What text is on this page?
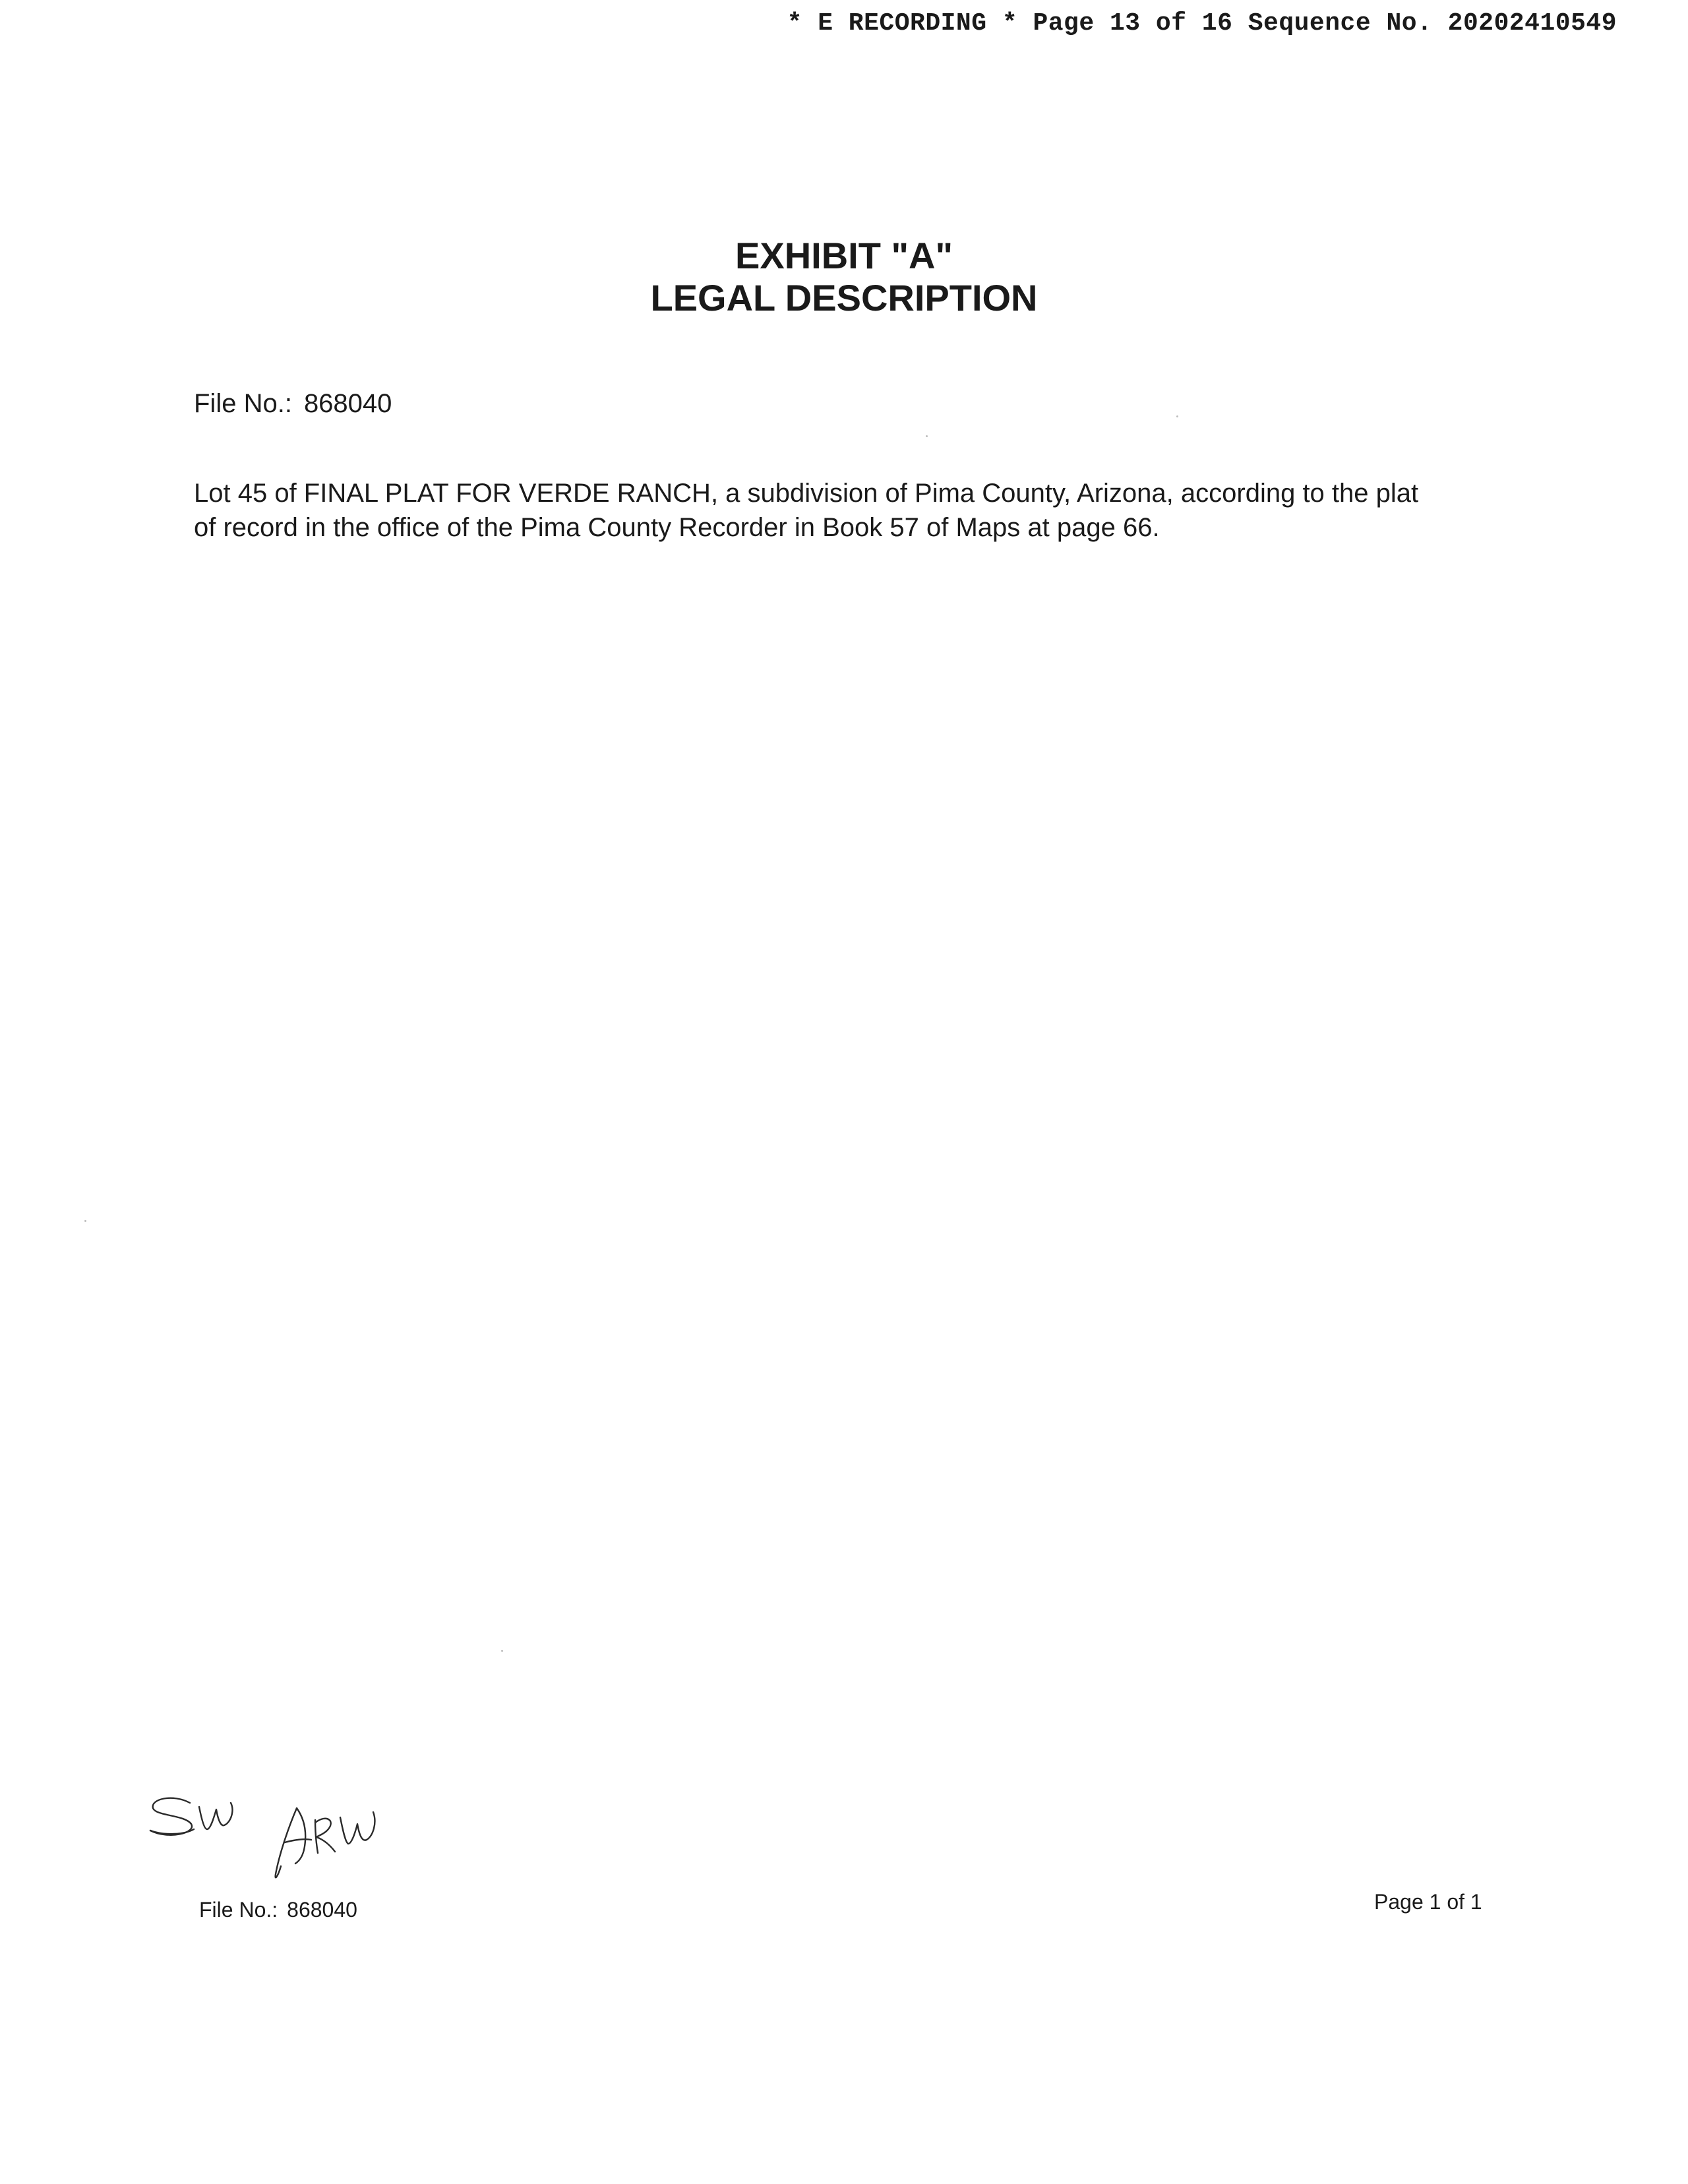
* E RECORDING * Page 13 of 16 Sequence No. 20202410549
EXHIBIT "A"
LEGAL DESCRIPTION
File No.: 868040
Lot 45 of FINAL PLAT FOR VERDE RANCH, a subdivision of Pima County, Arizona, according to the plat
of record in the office of the Pima County Recorder in Book 57 of Maps at page 66.
File No.: 868040	Page 1 of 1
